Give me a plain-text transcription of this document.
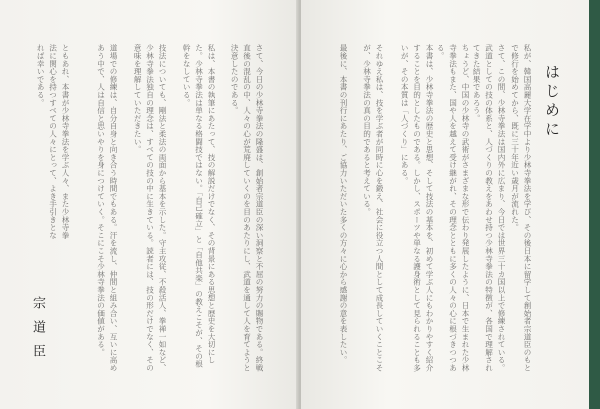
さて、今日の少林寺拳法の隆盛は、創始者宗道臣の深い洞察と不屈の努力の賜物である。終戦直後の混乱の中、人々の心が荒廃していくのを目のあたりにし、武道を通して人を育てようと決意したのである。
私は、本書の執筆にあたって、技の解説だけでなく、その背景にある思想と歴史を大切にした。少林寺拳法は単なる格闘技ではない。「自己確立」と「自他共楽」の教えこそが、その根幹をなしている。
技法についても、剛法と柔法の両面から基本を示した。守主攻従、不殺活人、拳禅一如など、少林寺拳法独自の理念は、すべての技の中に生きている。読者には、技の形だけでなく、その意味を理解していただきたい。
道場での修練は、自分自身と向き合う時間でもある。汗を流し、仲間と組み合い、互いに高めあう中で、人は自信と思いやりを身につけていく。そこにこそ少林寺拳法の価値がある。
ともあれ、本書が少林寺拳法を学ぶ人々、また少林寺拳法に関心を持つすべての人々にとって、よき手引きとなれば幸いである。
宗道臣
はじめに
私が、韓国高麗大学在学中より少林寺拳法を学び、その後日本に留学して創始者宗道臣のもとで修行を始めてから、既に三十年近い歳月が流れた。
さて、この間、少林寺拳法は国内外に広まり、今日では世界三十カ国以上で修練されている。武道としての技の体系と、人づくりの教えをあわせ持つ少林寺拳法の特徴が、各国で理解されてきた結果であろう。
ちょうど、中国の少林寺の武術がさまざまな形で伝わり発展したように、日本で生まれた少林寺拳法もまた、国や人を越えて受け継がれ、その理念とともに多くの人々の心に根づきつつある。
本書は、少林寺拳法の歴史と思想、そして技法の基本を、初めて学ぶ人にもわかりやすく紹介することを目的としたものである。しかし、スポーツや単なる護身術として見られることも多いが、その本質は「人づくり」にある。
それゆえ私は、技を学ぶ者が同時に心を鍛え、社会に役立つ人間として成長していくことこそが、少林寺拳法の真の目的であると考えている。
最後に、本書の刊行にあたり、ご協力いただいた多くの方々に心から感謝の意を表したい。
